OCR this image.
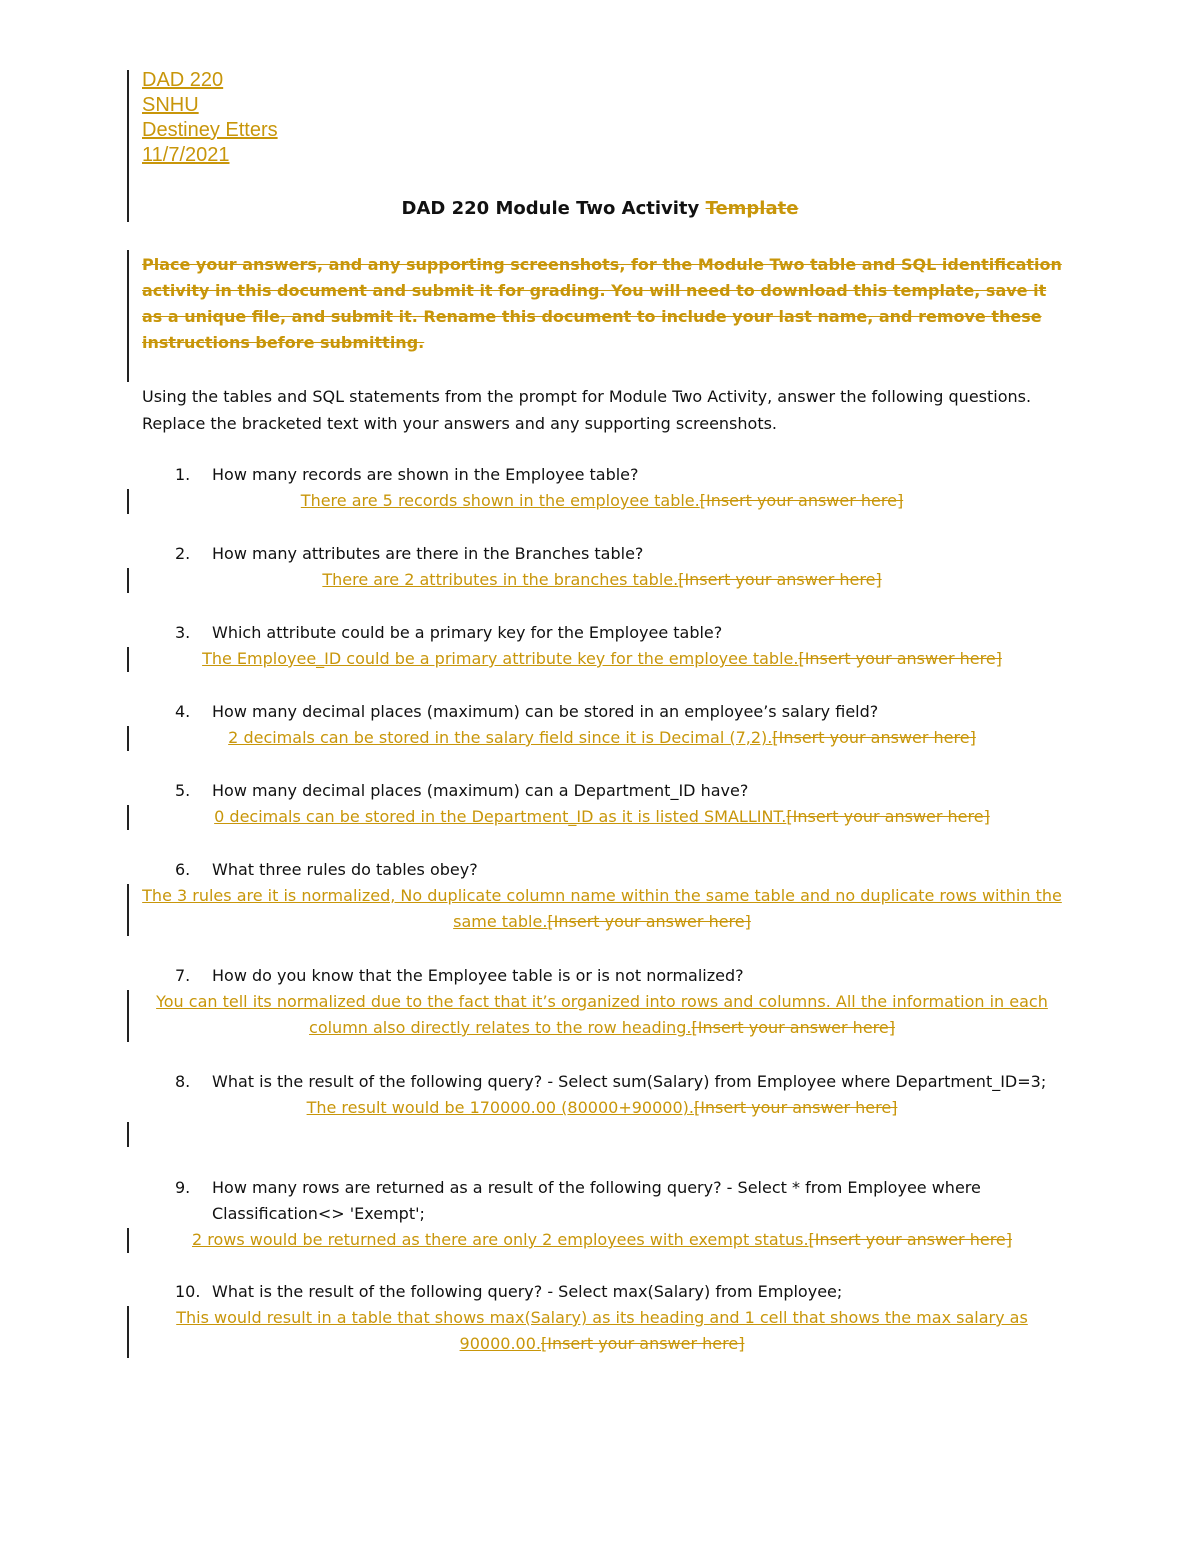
DAD 220
SNHU
Destiney Etters
11/7/2021
DAD 220 Module Two Activity Template
Place your answers, and any supporting screenshots, for the Module Two table and SQL identification activity in this document and submit it for grading. You will need to download this template, save it as a unique file, and submit it. Rename this document to include your last name, and remove these instructions before submitting.
Using the tables and SQL statements from the prompt for Module Two Activity, answer the following questions. Replace the bracketed text with your answers and any supporting screenshots.
1. How many records are shown in the Employee table?
There are 5 records shown in the employee table.[Insert your answer here]
2. How many attributes are there in the Branches table?
There are 2 attributes in the branches table.[Insert your answer here]
3. Which attribute could be a primary key for the Employee table?
The Employee_ID could be a primary attribute key for the employee table.[Insert your answer here]
4. How many decimal places (maximum) can be stored in an employee’s salary field?
2 decimals can be stored in the salary field since it is Decimal (7,2).[Insert your answer here]
5. How many decimal places (maximum) can a Department_ID have?
0 decimals can be stored in the Department_ID as it is listed SMALLINT.[Insert your answer here]
6. What three rules do tables obey?
The 3 rules are it is normalized, No duplicate column name within the same table and no duplicate rows within the same table.[Insert your answer here]
7. How do you know that the Employee table is or is not normalized?
You can tell its normalized due to the fact that it’s organized into rows and columns. All the information in each column also directly relates to the row heading.[Insert your answer here]
8. What is the result of the following query? - Select sum(Salary) from Employee where Department_ID=3;
The result would be 170000.00 (80000+90000).[Insert your answer here]
9. How many rows are returned as a result of the following query? - Select * from Employee where Classification<> 'Exempt';
2 rows would be returned as there are only 2 employees with exempt status.[Insert your answer here]
10. What is the result of the following query? - Select max(Salary) from Employee;
This would result in a table that shows max(Salary) as its heading and 1 cell that shows the max salary as 90000.00.[Insert your answer here]
